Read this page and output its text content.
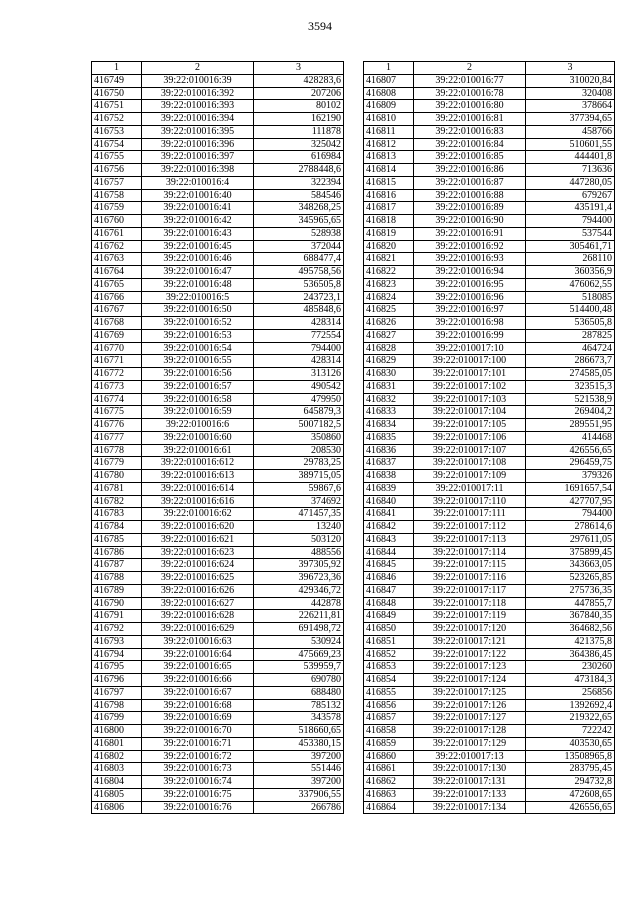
3594
1	2	3
416749	39:22:010016:39	428283,6
416750	39:22:010016:392	207206
416751	39:22:010016:393	80102
416752	39:22:010016:394	162190
416753	39:22:010016:395	111878
416754	39:22:010016:396	325042
416755	39:22:010016:397	616984
416756	39:22:010016:398	2788448,6
416757	39:22:010016:4	322394
416758	39:22:010016:40	584546
416759	39:22:010016:41	348268,25
416760	39:22:010016:42	345965,65
416761	39:22:010016:43	528938
416762	39:22:010016:45	372044
416763	39:22:010016:46	688477,4
416764	39:22:010016:47	495758,56
416765	39:22:010016:48	536505,8
416766	39:22:010016:5	243723,1
416767	39:22:010016:50	485848,6
416768	39:22:010016:52	428314
416769	39:22:010016:53	772554
416770	39:22:010016:54	794400
416771	39:22:010016:55	428314
416772	39:22:010016:56	313126
416773	39:22:010016:57	490542
416774	39:22:010016:58	479950
416775	39:22:010016:59	645879,3
416776	39:22:010016:6	5007182,5
416777	39:22:010016:60	350860
416778	39:22:010016:61	208530
416779	39:22:010016:612	29783,25
416780	39:22:010016:613	389715,05
416781	39:22:010016:614	59867,6
416782	39:22:010016:616	374692
416783	39:22:010016:62	471457,35
416784	39:22:010016:620	13240
416785	39:22:010016:621	503120
416786	39:22:010016:623	488556
416787	39:22:010016:624	397305,92
416788	39:22:010016:625	396723,36
416789	39:22:010016:626	429346,72
416790	39:22:010016:627	442878
416791	39:22:010016:628	226211,81
416792	39:22:010016:629	691498,72
416793	39:22:010016:63	530924
416794	39:22:010016:64	475669,23
416795	39:22:010016:65	539959,7
416796	39:22:010016:66	690780
416797	39:22:010016:67	688480
416798	39:22:010016:68	785132
416799	39:22:010016:69	343578
416800	39:22:010016:70	518660,65
416801	39:22:010016:71	453380,15
416802	39:22:010016:72	397200
416803	39:22:010016:73	551446
416804	39:22:010016:74	397200
416805	39:22:010016:75	337906,55
416806	39:22:010016:76	266786
1	2	3
416807	39:22:010016:77	310020,84
416808	39:22:010016:78	320408
416809	39:22:010016:80	378664
416810	39:22:010016:81	377394,65
416811	39:22:010016:83	458766
416812	39:22:010016:84	510601,55
416813	39:22:010016:85	444401,8
416814	39:22:010016:86	713636
416815	39:22:010016:87	447280,05
416816	39:22:010016:88	679267
416817	39:22:010016:89	435191,4
416818	39:22:010016:90	794400
416819	39:22:010016:91	537544
416820	39:22:010016:92	305461,71
416821	39:22:010016:93	268110
416822	39:22:010016:94	360356,9
416823	39:22:010016:95	476062,55
416824	39:22:010016:96	518085
416825	39:22:010016:97	514400,48
416826	39:22:010016:98	536505,8
416827	39:22:010016:99	287825
416828	39:22:010017:10	464724
416829	39:22:010017:100	286673,7
416830	39:22:010017:101	274585,05
416831	39:22:010017:102	323515,3
416832	39:22:010017:103	521538,9
416833	39:22:010017:104	269404,2
416834	39:22:010017:105	289551,95
416835	39:22:010017:106	414468
416836	39:22:010017:107	426556,65
416837	39:22:010017:108	296459,75
416838	39:22:010017:109	379326
416839	39:22:010017:11	1691657,54
416840	39:22:010017:110	427707,95
416841	39:22:010017:111	794400
416842	39:22:010017:112	278614,6
416843	39:22:010017:113	297611,05
416844	39:22:010017:114	375899,45
416845	39:22:010017:115	343663,05
416846	39:22:010017:116	523265,85
416847	39:22:010017:117	275736,35
416848	39:22:010017:118	447855,7
416849	39:22:010017:119	367840,35
416850	39:22:010017:120	364682,56
416851	39:22:010017:121	421375,8
416852	39:22:010017:122	364386,45
416853	39:22:010017:123	230260
416854	39:22:010017:124	473184,3
416855	39:22:010017:125	256856
416856	39:22:010017:126	1392692,4
416857	39:22:010017:127	219322,65
416858	39:22:010017:128	722242
416859	39:22:010017:129	403530,65
416860	39:22:010017:13	13508965,8
416861	39:22:010017:130	283795,45
416862	39:22:010017:131	294732,8
416863	39:22:010017:133	472608,65
416864	39:22:010017:134	426556,65
